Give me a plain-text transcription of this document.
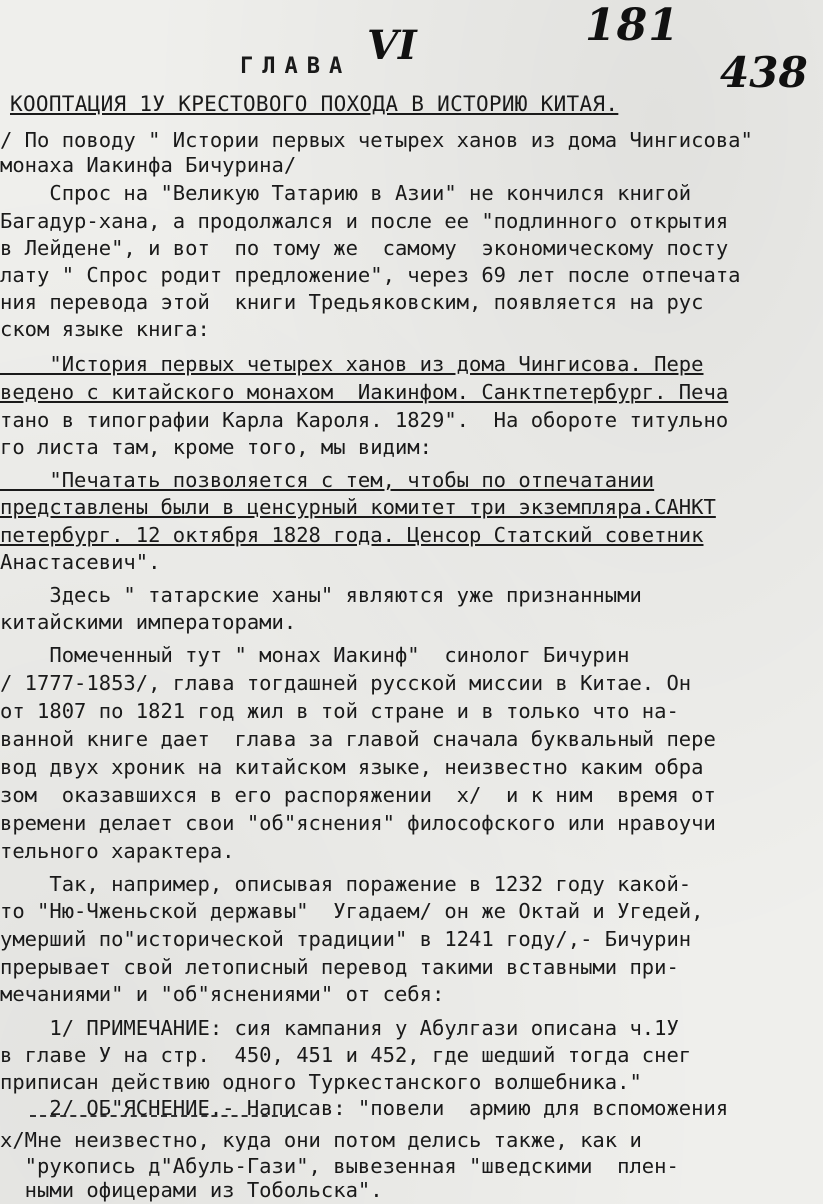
181
438
ГЛАВА VI
КООПТАЦИЯ 1У КРЕСТОВОГО ПОХОДА В ИСТОРИЮ КИТАЯ.
/ По поводу " Истории первых четырех ханов из дома Чингисова"
монаха Иакинфа Бичурина/
Спрос на "Великую Татарию в Азии" не кончился книгой
Багадур-хана, а продолжался и после ее "подлинного открытия
в Лейдене", и вот  по тому же  самому  экономическому посту
лату " Спрос родит предложение", через 69 лет после отпечата
ния перевода этой  книги Тредьяковским, появляется на рус
ском языке книга:
"История первых четырех ханов из дома Чингисова. Пере
ведено с китайского монахом  Иакинфом. Санктпетербург. Печа
тано в типографии Карла Кароля. 1829".  На обороте титульно
го листа там, кроме того, мы видим:
"Печатать позволяется с тем, чтобы по отпечатании
представлены были в ценсурный комитет три экземпляра.САНКТ
петербург. 12 октября 1828 года. Ценсор Статский советник
Анастасевич".
Здесь " татарские ханы" являются уже признанными
китайскими императорами.
Помеченный тут " монах Иакинф"  синолог Бичурин
/ 1777-1853/, глава тогдашней русской миссии в Китае. Он
от 1807 по 1821 год жил в той стране и в только что на-
ванной книге дает  глава за главой сначала буквальный пере
вод двух хроник на китайском языке, неизвестно каким обра
зом  оказавшихся в его распоряжении  х/  и к ним  время от
времени делает свои "об"яснения" философского или нравоучи
тельного характера.
Так, например, описывая поражение в 1232 году какой-
то "Ню-Чженьской державы"  Угадаем/ он же Октай и Угедей,
умерший по"исторической традиции" в 1241 году/,- Бичурин
прерывает свой летописный перевод такими вставными при-
мечаниями" и "об"яснениями" от себя:
1/ ПРИМЕЧАНИЕ: сия кампания у Абулгази описана ч.1У
в главе У на стр.  450, 451 и 452, где шедший тогда снег
приписан действию одного Туркестанского волшебника."
2/ ОБ"ЯСНЕНИЕ.- Написав: "повели  армию для вспоможения
х/Мне неизвестно, куда они потом делись также, как и
"рукопись д"Абуль-Гази", вывезенная "шведскими  плен-
ными офицерами из Тобольска".
